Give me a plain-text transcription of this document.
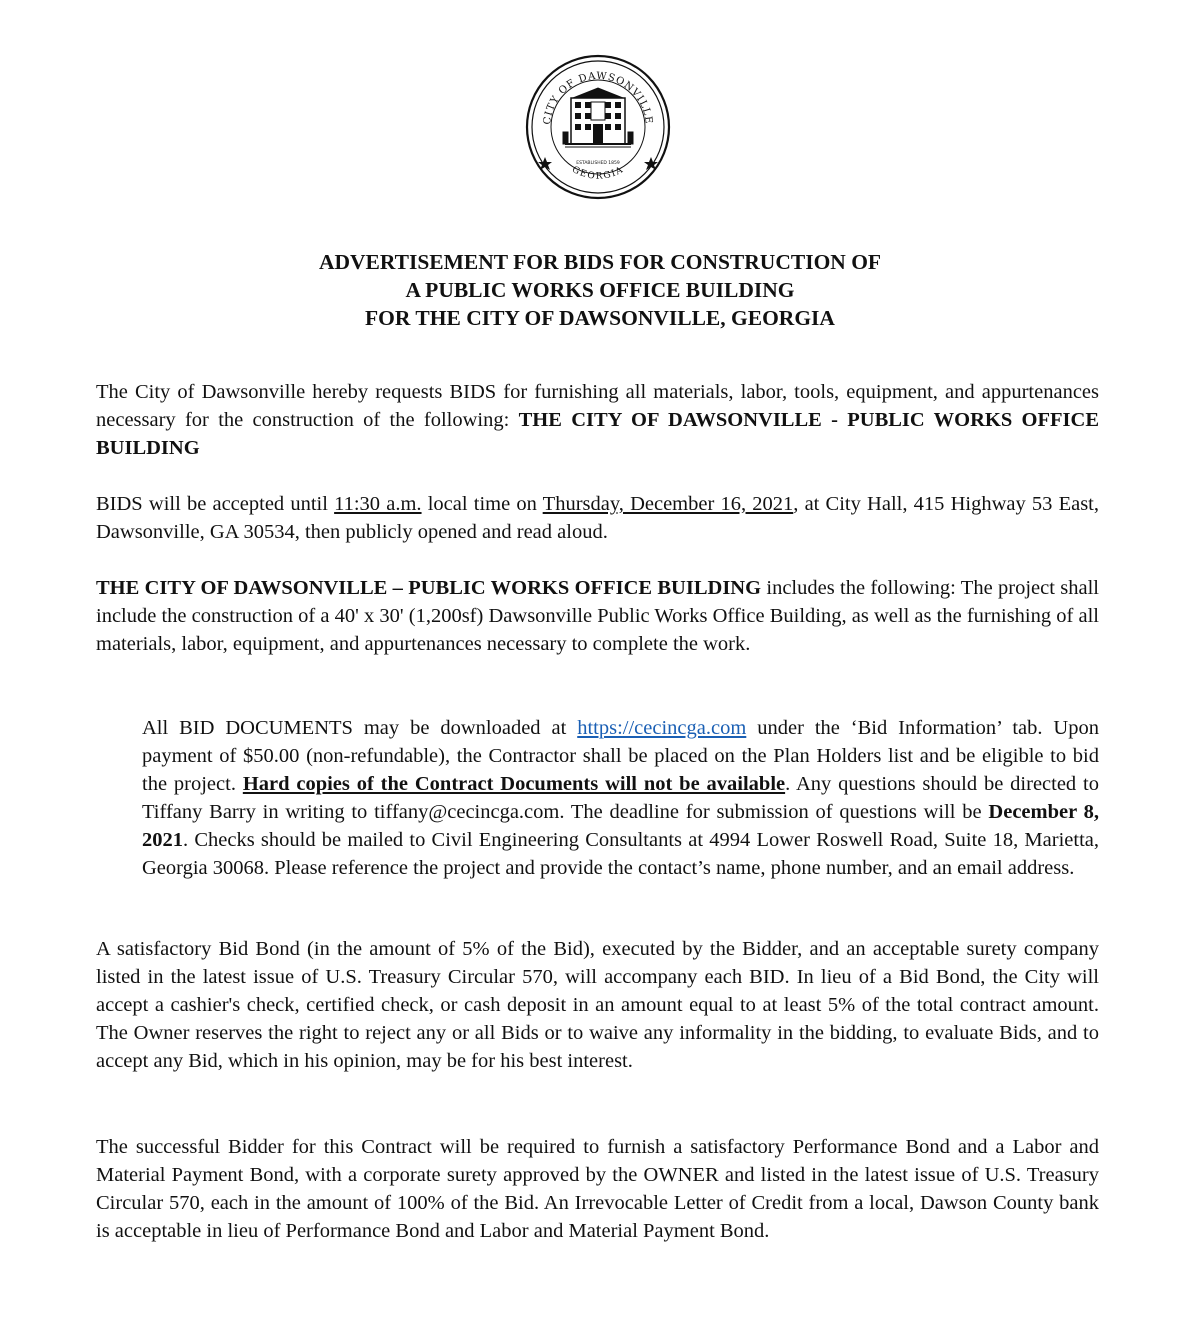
CITY OF DAWSONVILLE
GEORGIA
ESTABLISHED 1859
ADVERTISEMENT FOR BIDS FOR CONSTRUCTION OF
A PUBLIC WORKS OFFICE BUILDING
FOR THE CITY OF DAWSONVILLE, GEORGIA
The City of Dawsonville hereby requests BIDS for furnishing all materials, labor, tools, equipment, and appurtenances necessary for the construction of the following: THE CITY OF DAWSONVILLE - PUBLIC WORKS OFFICE BUILDING
BIDS will be accepted until 11:30 a.m. local time on Thursday, December 16, 2021, at City Hall, 415 Highway 53 East, Dawsonville, GA 30534, then publicly opened and read aloud.
THE CITY OF DAWSONVILLE – PUBLIC WORKS OFFICE BUILDING includes the following: The project shall include the construction of a 40' x 30' (1,200sf) Dawsonville Public Works Office Building, as well as the furnishing of all materials, labor, equipment, and appurtenances necessary to complete the work.
All BID DOCUMENTS may be downloaded at https://cecincga.com under the ‘Bid Information’ tab. Upon payment of $50.00 (non-refundable), the Contractor shall be placed on the Plan Holders list and be eligible to bid the project. Hard copies of the Contract Documents will not be available. Any questions should be directed to Tiffany Barry in writing to tiffany@cecincga.com. The deadline for submission of questions will be December 8, 2021. Checks should be mailed to Civil Engineering Consultants at 4994 Lower Roswell Road, Suite 18, Marietta, Georgia 30068. Please reference the project and provide the contact’s name, phone number, and an email address.
A satisfactory Bid Bond (in the amount of 5% of the Bid), executed by the Bidder, and an acceptable surety company listed in the latest issue of U.S. Treasury Circular 570, will accompany each BID. In lieu of a Bid Bond, the City will accept a cashier's check, certified check, or cash deposit in an amount equal to at least 5% of the total contract amount. The Owner reserves the right to reject any or all Bids or to waive any informality in the bidding, to evaluate Bids, and to accept any Bid, which in his opinion, may be for his best interest.
The successful Bidder for this Contract will be required to furnish a satisfactory Performance Bond and a Labor and Material Payment Bond, with a corporate surety approved by the OWNER and listed in the latest issue of U.S. Treasury Circular 570, each in the amount of 100% of the Bid. An Irrevocable Letter of Credit from a local, Dawson County bank is acceptable in lieu of Performance Bond and Labor and Material Payment Bond.
